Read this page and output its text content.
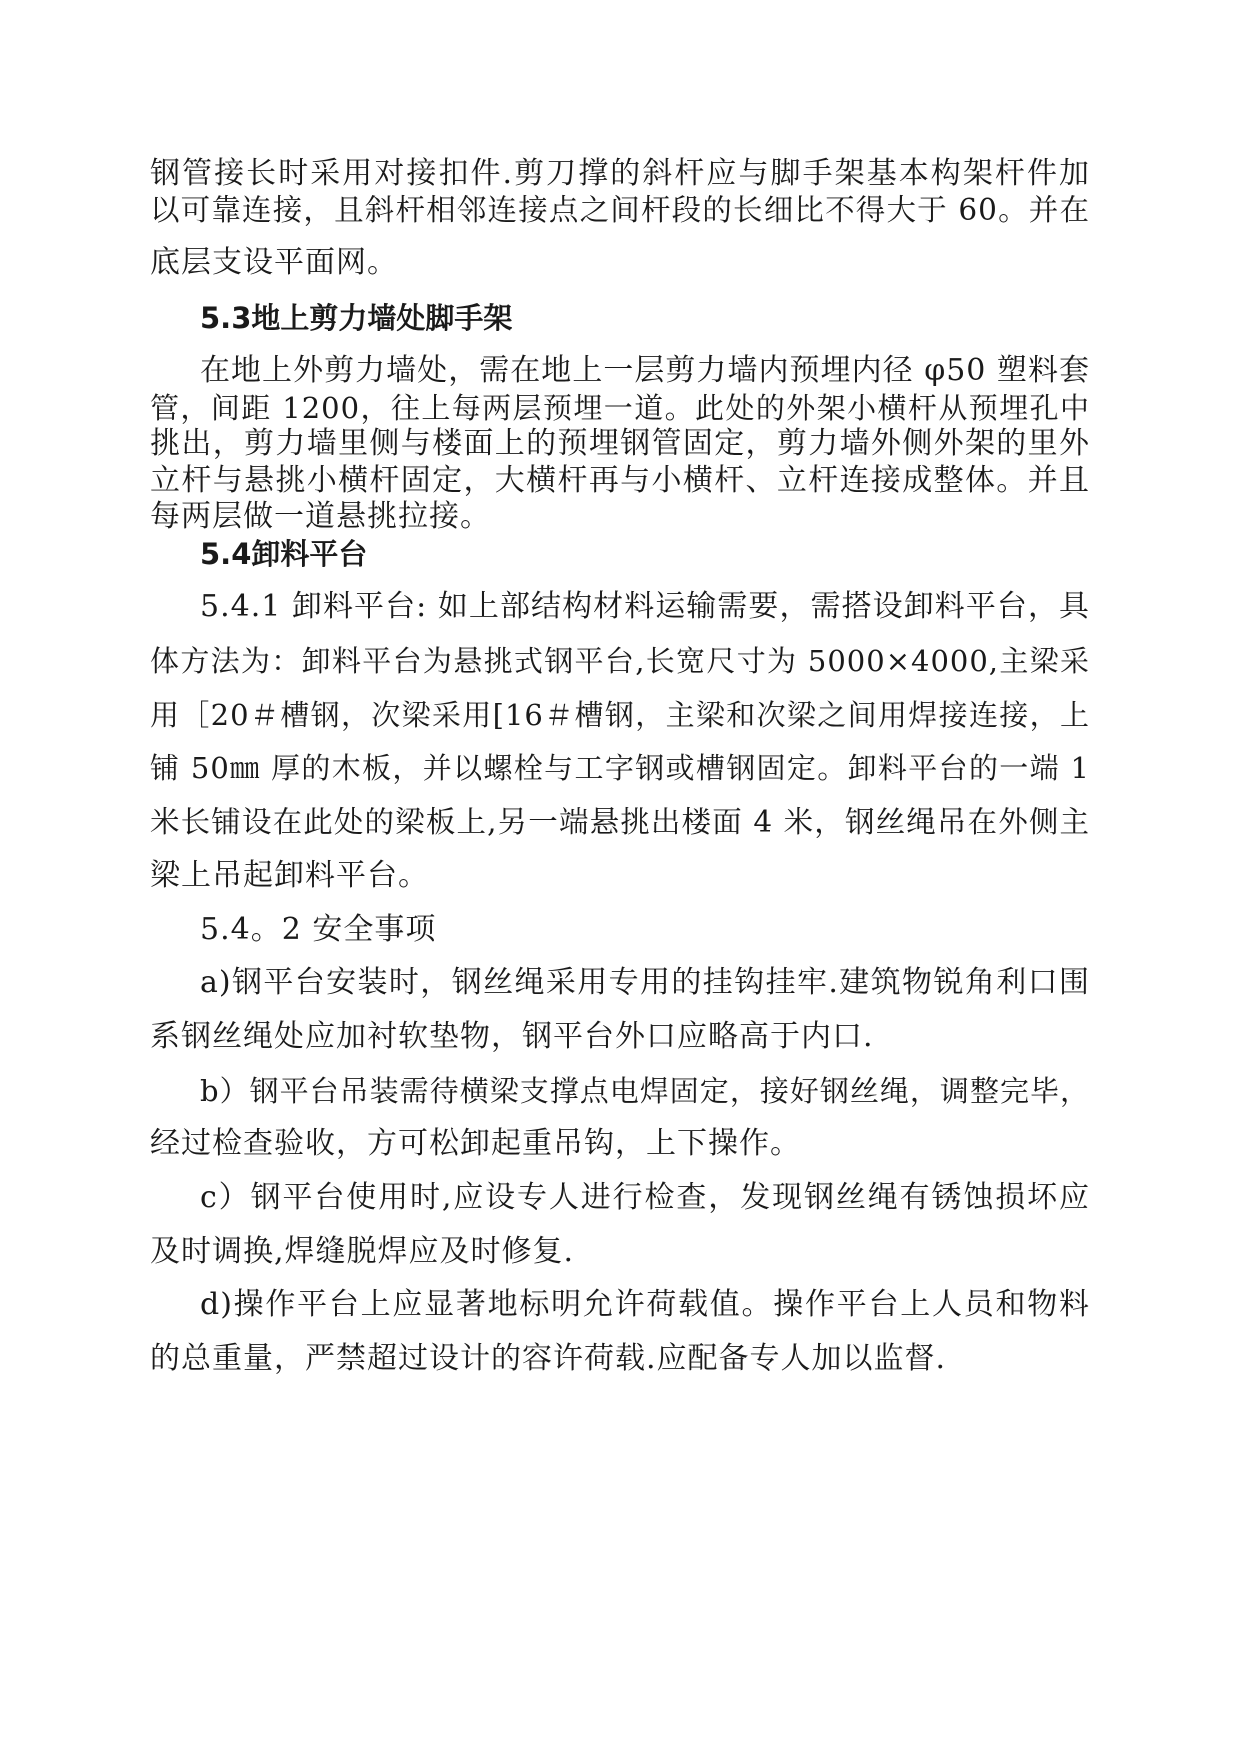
钢管接长时采用对接扣件.剪刀撑的斜杆应与脚手架基本构架杆件加
以可靠连接，且斜杆相邻连接点之间杆段的长细比不得大于 60。并在
底层支设平面网。
5.3地上剪力墙处脚手架
在地上外剪力墙处，需在地上一层剪力墙内预埋内径 φ50 塑料套
管，间距 1200，往上每两层预埋一道。此处的外架小横杆从预埋孔中
挑出，剪力墙里侧与楼面上的预埋钢管固定，剪力墙外侧外架的里外
立杆与悬挑小横杆固定，大横杆再与小横杆、立杆连接成整体。并且
每两层做一道悬挑拉接。
5.4卸料平台
5.4.1 卸料平台: 如上部结构材料运输需要，需搭设卸料平台，具
体方法为：卸料平台为悬挑式钢平台,长宽尺寸为 5000×4000,主梁采
用［20＃槽钢，次梁采用[16＃槽钢，主梁和次梁之间用焊接连接，上
铺 50㎜ 厚的木板，并以螺栓与工字钢或槽钢固定。卸料平台的一端 1
米长铺设在此处的梁板上,另一端悬挑出楼面 4 米，钢丝绳吊在外侧主
梁上吊起卸料平台。
5.4。2 安全事项
a)钢平台安装时，钢丝绳采用专用的挂钩挂牢.建筑物锐角利口围
系钢丝绳处应加衬软垫物，钢平台外口应略高于内口.
b）钢平台吊装需待横梁支撑点电焊固定，接好钢丝绳，调整完毕，
经过检查验收，方可松卸起重吊钩，上下操作。
c）钢平台使用时,应设专人进行检查，发现钢丝绳有锈蚀损坏应
及时调换,焊缝脱焊应及时修复.
d)操作平台上应显著地标明允许荷载值。操作平台上人员和物料
的总重量，严禁超过设计的容许荷载.应配备专人加以监督.
